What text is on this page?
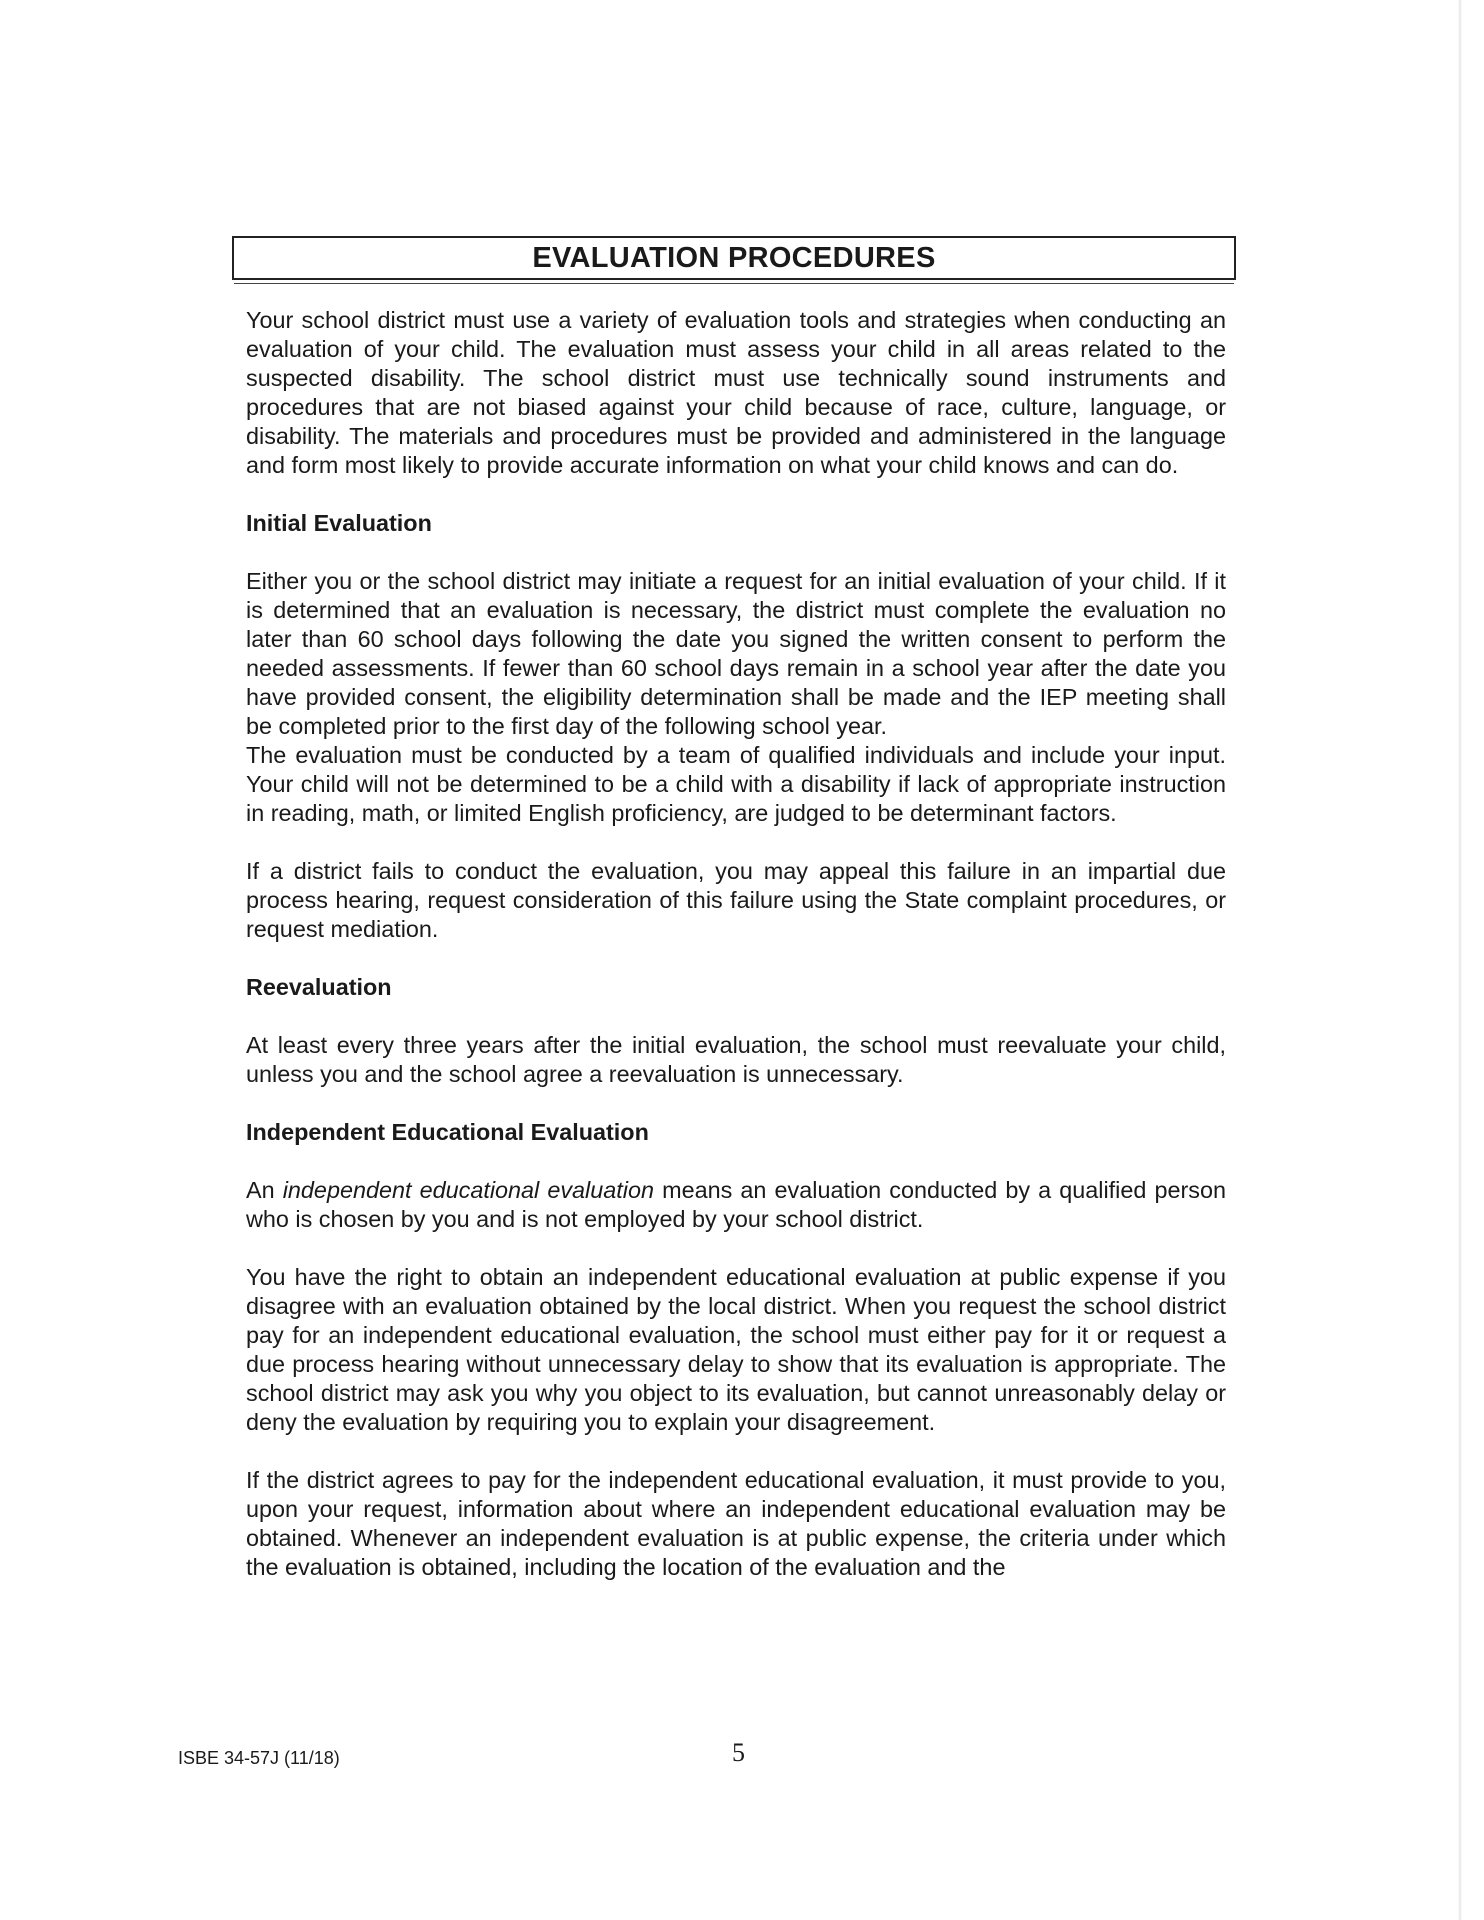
EVALUATION PROCEDURES

Your school district must use a variety of evaluation tools and strategies when conducting an evaluation of your child. The evaluation must assess your child in all areas related to the suspected disability. The school district must use technically sound instruments and procedures that are not biased against your child because of race, culture, language, or disability. The materials and procedures must be provided and administered in the language and form most likely to provide accurate information on what your child knows and can do.

Initial Evaluation

Either you or the school district may initiate a request for an initial evaluation of your child. If it is determined that an evaluation is necessary, the district must complete the evaluation no later than 60 school days following the date you signed the written consent to perform the needed assessments. If fewer than 60 school days remain in a school year after the date you have provided consent, the eligibility determination shall be made and the IEP meeting shall be completed prior to the first day of the following school year.

The evaluation must be conducted by a team of qualified individuals and include your input. Your child will not be determined to be a child with a disability if lack of appropriate instruction in reading, math, or limited English proficiency, are judged to be determinant factors.

If a district fails to conduct the evaluation, you may appeal this failure in an impartial due process hearing, request consideration of this failure using the State complaint procedures, or request mediation.

Reevaluation

At least every three years after the initial evaluation, the school must reevaluate your child, unless you and the school agree a reevaluation is unnecessary.

Independent Educational Evaluation

An independent educational evaluation means an evaluation conducted by a qualified person who is chosen by you and is not employed by your school district.

You have the right to obtain an independent educational evaluation at public expense if you disagree with an evaluation obtained by the local district. When you request the school district pay for an independent educational evaluation, the school must either pay for it or request a due process hearing without unnecessary delay to show that its evaluation is appropriate. The school district may ask you why you object to its evaluation, but cannot unreasonably delay or deny the evaluation by requiring you to explain your disagreement.

If the district agrees to pay for the independent educational evaluation, it must provide to you, upon your request, information about where an independent educational evaluation may be obtained. Whenever an independent evaluation is at public expense, the criteria under which the evaluation is obtained, including the location of the evaluation and the

ISBE 34-57J (11/18)	5
